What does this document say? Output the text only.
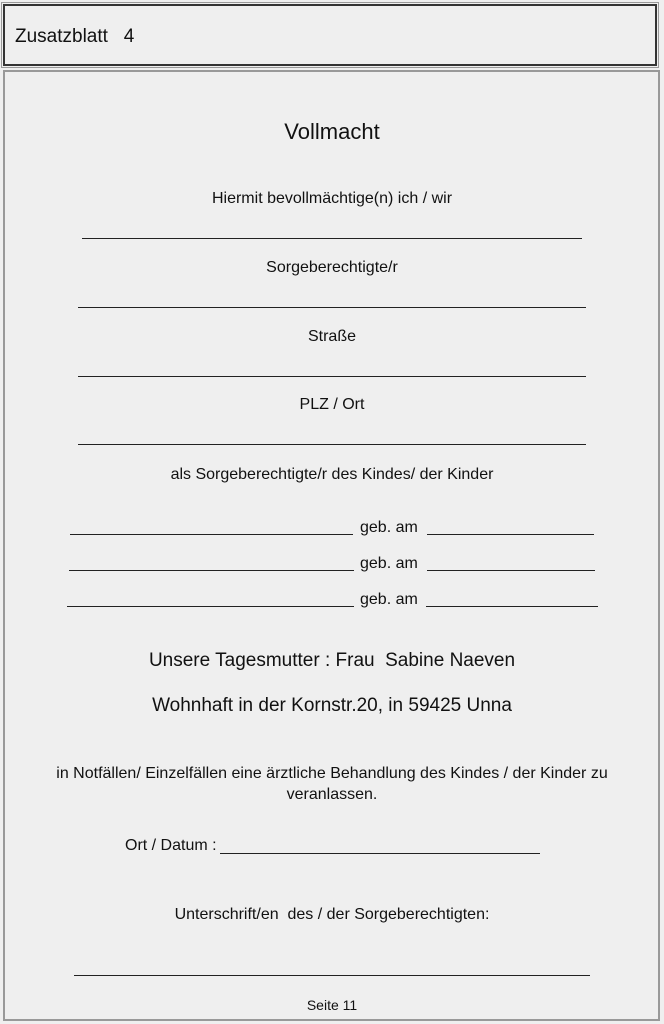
Zusatzblatt   4
Vollmacht
Hiermit bevollmächtige(n) ich / wir
Sorgeberechtigte/r
Straße
PLZ / Ort
als Sorgeberechtigte/r des Kindes/ der Kinder
geb. am
geb. am
geb. am
Unsere Tagesmutter : Frau  Sabine Naeven
Wohnhaft in der Kornstr.20, in 59425 Unna
in Notfällen/ Einzelfällen eine ärztliche Behandlung des Kindes / der Kinder zu
veranlassen.
Ort / Datum :
Unterschrift/en  des / der Sorgeberechtigten:
Seite 11
